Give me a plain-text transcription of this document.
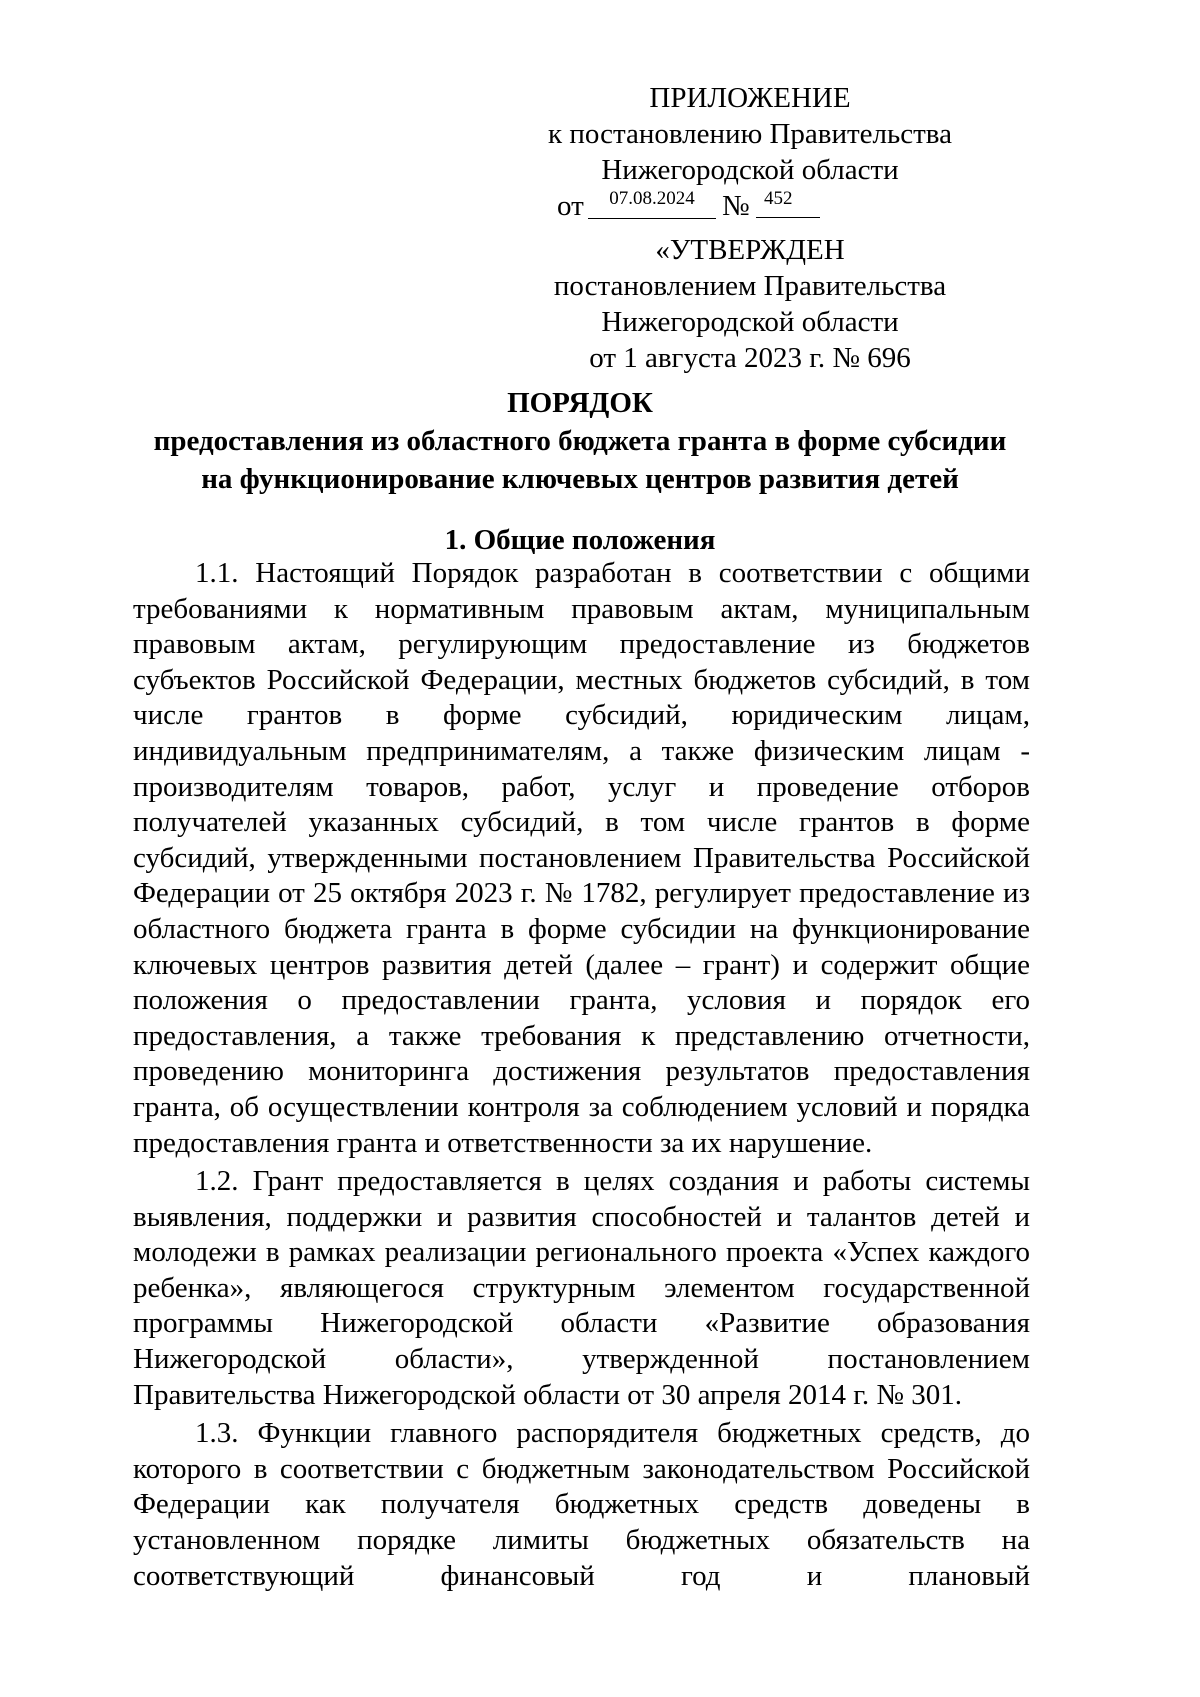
ПРИЛОЖЕНИЕ
к постановлению Правительства
Нижегородской области
от	07.08.2024 № 452
«УТВЕРЖДЕН
постановлением Правительства
Нижегородской области
от 1 августа 2023 г. № 696
ПОРЯДОК
предоставления из областного бюджета гранта в форме субсидии
на функционирование ключевых центров развития детей
1. Общие положения

1.1. Настоящий Порядок разработан в соответствии с общими требованиями к нормативным правовым актам, муниципальным правовым актам, регулирующим предоставление из бюджетов субъектов Российской Федерации, местных бюджетов субсидий, в том числе грантов в форме субсидий, юридическим лицам, индивидуальным предпринимателям, а также физическим лицам - производителям товаров, работ, услуг и проведение отборов получателей указанных субсидий, в том числе грантов в форме субсидий, утвержденными постановлением Правительства Российской Федерации от 25 октября 2023 г. № 1782, регулирует предоставление из областного бюджета гранта в форме субсидии на функционирование ключевых центров развития детей (далее – грант) и содержит общие положения о предоставлении гранта, условия и порядок его предоставления, а также требования к представлению отчетности, проведению мониторинга достижения результатов предоставления гранта, об осуществлении контроля за соблюдением условий и порядка предоставления гранта и ответственности за их нарушение.

1.2. Грант предоставляется в целях создания и работы системы выявления, поддержки и развития способностей и талантов детей и молодежи в рамках реализации регионального проекта «Успех каждого ребенка», являющегося структурным элементом государственной программы Нижегородской области «Развитие образования Нижегородской области», утвержденной постановлением Правительства Нижегородской области от 30 апреля 2014 г. № 301.

1.3. Функции главного распорядителя бюджетных средств, до которого в соответствии с бюджетным законодательством Российской Федерации как получателя бюджетных средств доведены в установленном порядке лимиты бюджетных обязательств на соответствующий финансовый год и плановый
